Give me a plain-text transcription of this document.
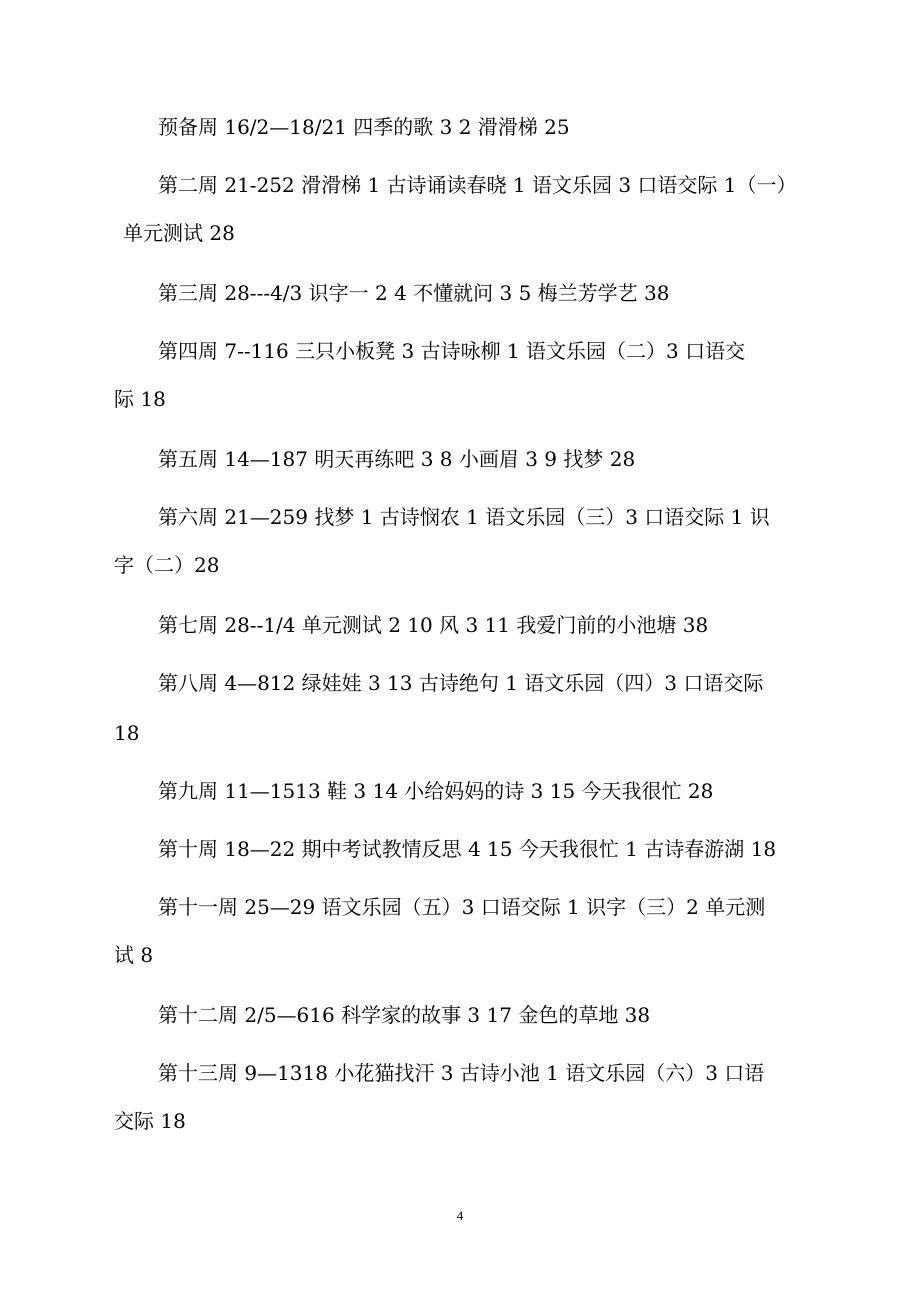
预备周 16/2—18/21 四季的歌 3 2 滑滑梯 25
第二周 21-252 滑滑梯 1 古诗诵读春晓 1 语文乐园 3 口语交际 1（一）
单元测试 28
第三周 28---4/3 识字一 2 4 不懂就问 3 5 梅兰芳学艺 38
第四周 7--116 三只小板凳 3 古诗咏柳 1 语文乐园（二）3 口语交
际 18
第五周 14—187 明天再练吧 3 8 小画眉 3 9 找梦 28
第六周 21—259 找梦 1 古诗悯农 1 语文乐园（三）3 口语交际 1 识
字（二）28
第七周 28--1/4 单元测试 2 10 风 3 11 我爱门前的小池塘 38
第八周 4—812 绿娃娃 3 13 古诗绝句 1 语文乐园（四）3 口语交际
18
第九周 11—1513 鞋 3 14 小给妈妈的诗 3 15 今天我很忙 28
第十周 18—22 期中考试教情反思 4 15 今天我很忙 1 古诗春游湖 18
第十一周 25—29 语文乐园（五）3 口语交际 1 识字（三）2 单元测
试 8
第十二周 2/5—616 科学家的故事 3 17 金色的草地 38
第十三周 9—1318 小花猫找汗 3 古诗小池 1 语文乐园（六）3 口语
交际 18
4
